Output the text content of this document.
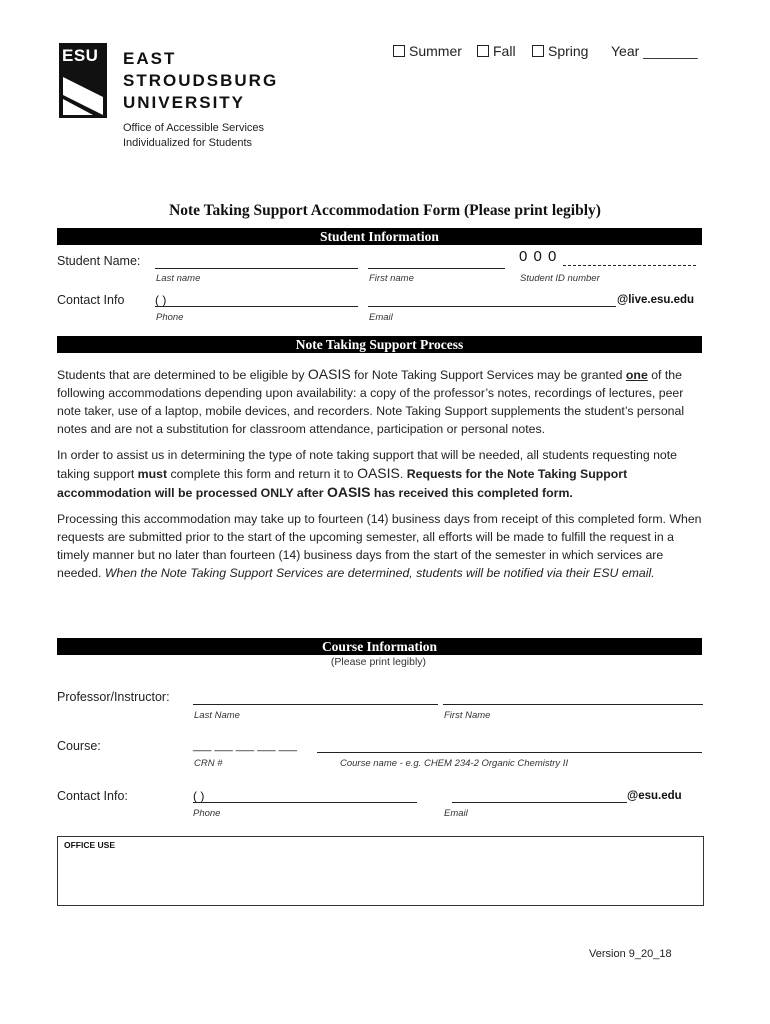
ESU EAST
STROUDSBURG
UNIVERSITY
Office of Accessible Services
Individualized for Students
Summer	Fall	Spring Year _______
Note Taking Support Accommodation Form (Please print legibly)
Student Information
Student Name:	0 0 0
Last name	First name	Student ID number
Contact Info	( )	@live.esu.edu
Phone	Email
Note Taking Support Process

Students that are determined to be eligible by OASIS for Note Taking Support Services may be granted one of the following accommodations depending upon availability: a copy of the professor’s notes, recordings of lectures, peer note taker, use of a laptop, mobile devices, and recorders. Note Taking Support supplements the student’s personal notes and are not a substitution for classroom attendance, participation or personal notes.

In order to assist us in determining the type of note taking support that will be needed, all students requesting note taking support must complete this form and return it to OASIS. Requests for the Note Taking Support accommodation will be processed ONLY after OASIS has received this completed form.

Processing this accommodation may take up to fourteen (14) business days from receipt of this completed form. When requests are submitted prior to the start of the upcoming semester, all efforts will be made to fulfill the request in a timely manner but no later than fourteen (14) business days from the start of the semester in which services are needed. When the Note Taking Support Services are determined, students will be notified via their ESU email.

Course Information
(Please print legibly)
Professor/Instructor:
Last Name	First Name
Course:	___ ___ ___ ___ ___
CRN #	Course name - e.g. CHEM 234-2 Organic Chemistry II
Contact Info:	( )	@esu.edu
Phone	Email
OFFICE USE
Version 9_20_18
